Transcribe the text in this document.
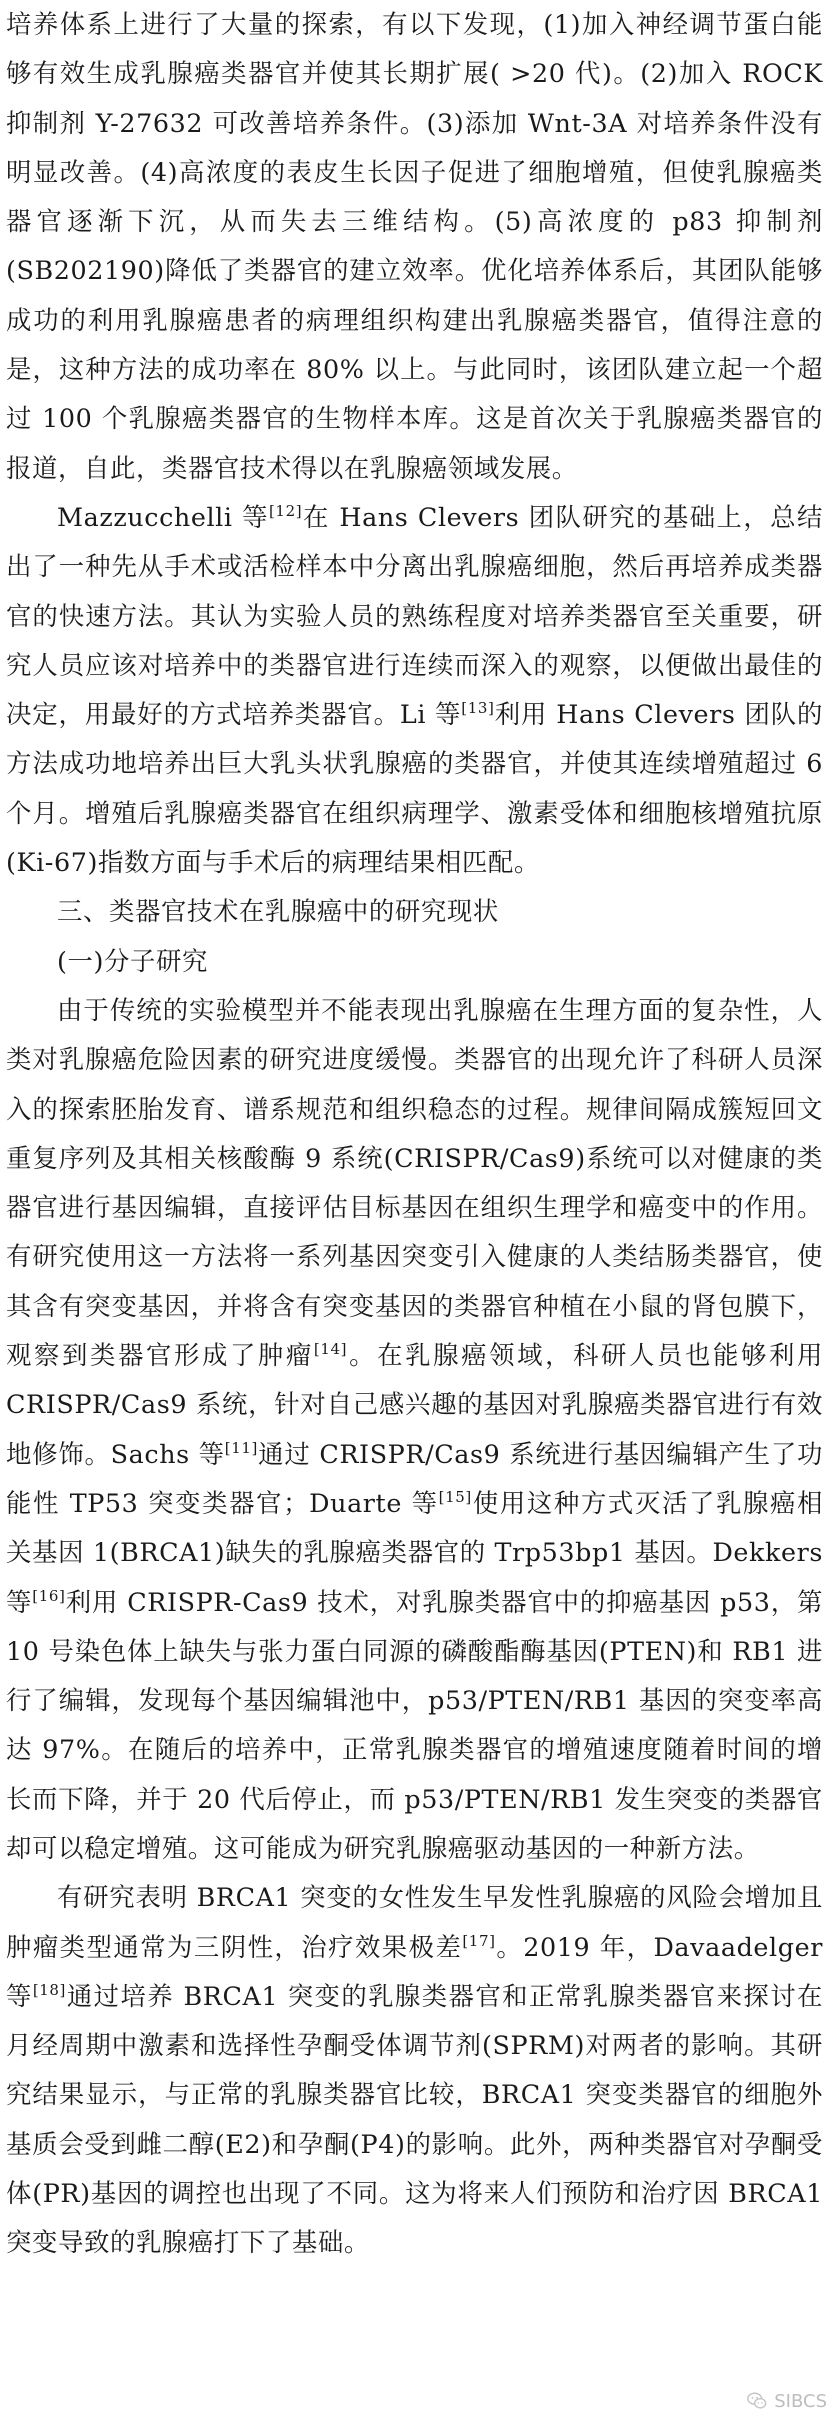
培养体系上进行了大量的探索，有以下发现，(1)加入神经调节蛋白能够有效生成乳腺癌类器官并使其长期扩展( >20 代)。(2)加入 ROCK 抑制剂 Y-27632 可改善培养条件。(3)添加 Wnt-3A 对培养条件没有明显改善。(4)高浓度的表皮生长因子促进了细胞增殖，但使乳腺癌类器官逐渐下沉，从而失去三维结构。(5)高浓度的 p83 抑制剂(SB202190)降低了类器官的建立效率。优化培养体系后，其团队能够成功的利用乳腺癌患者的病理组织构建出乳腺癌类器官，值得注意的是，这种方法的成功率在 80% 以上。与此同时，该团队建立起一个超过 100 个乳腺癌类器官的生物样本库。这是首次关于乳腺癌类器官的报道，自此，类器官技术得以在乳腺癌领域发展。

Mazzucchelli 等[12]在 Hans Clevers 团队研究的基础上，总结出了一种先从手术或活检样本中分离出乳腺癌细胞，然后再培养成类器官的快速方法。其认为实验人员的熟练程度对培养类器官至关重要，研究人员应该对培养中的类器官进行连续而深入的观察，以便做出最佳的决定，用最好的方式培养类器官。Li 等[13]利用 Hans Clevers 团队的方法成功地培养出巨大乳头状乳腺癌的类器官，并使其连续增殖超过 6 个月。增殖后乳腺癌类器官在组织病理学、激素受体和细胞核增殖抗原(Ki-67)指数方面与手术后的病理结果相匹配。

三、类器官技术在乳腺癌中的研究现状

(一)分子研究

由于传统的实验模型并不能表现出乳腺癌在生理方面的复杂性，人类对乳腺癌危险因素的研究进度缓慢。类器官的出现允许了科研人员深入的探索胚胎发育、谱系规范和组织稳态的过程。规律间隔成簇短回文重复序列及其相关核酸酶 9 系统(CRISPR/Cas9)系统可以对健康的类器官进行基因编辑，直接评估目标基因在组织生理学和癌变中的作用。有研究使用这一方法将一系列基因突变引入健康的人类结肠类器官，使其含有突变基因，并将含有突变基因的类器官种植在小鼠的肾包膜下，观察到类器官形成了肿瘤[14]。在乳腺癌领域，科研人员也能够利用 CRISPR/Cas9 系统，针对自己感兴趣的基因对乳腺癌类器官进行有效地修饰。Sachs 等[11]通过 CRISPR/Cas9 系统进行基因编辑产生了功能性 TP53 突变类器官；Duarte 等[15]使用这种方式灭活了乳腺癌相关基因 1(BRCA1)缺失的乳腺癌类器官的 Trp53bp1 基因。Dekkers 等[16]利用 CRISPR-Cas9 技术，对乳腺类器官中的抑癌基因 p53，第 10 号染色体上缺失与张力蛋白同源的磷酸酯酶基因(PTEN)和 RB1 进行了编辑，发现每个基因编辑池中，p53/PTEN/RB1 基因的突变率高达 97%。在随后的培养中，正常乳腺类器官的增殖速度随着时间的增长而下降，并于 20 代后停止，而 p53/PTEN/RB1 发生突变的类器官却可以稳定增殖。这可能成为研究乳腺癌驱动基因的一种新方法。

有研究表明 BRCA1 突变的女性发生早发性乳腺癌的风险会增加且肿瘤类型通常为三阴性，治疗效果极差[17]。2019 年，Davaadelger 等[18]通过培养 BRCA1 突变的乳腺类器官和正常乳腺类器官来探讨在月经周期中激素和选择性孕酮受体调节剂(SPRM)对两者的影响。其研究结果显示，与正常的乳腺类器官比较，BRCA1 突变类器官的细胞外基质会受到雌二醇(E2)和孕酮(P4)的影响。此外，两种类器官对孕酮受体(PR)基因的调控也出现了不同。这为将来人们预防和治疗因 BRCA1 突变导致的乳腺癌打下了基础。

SIBCS
